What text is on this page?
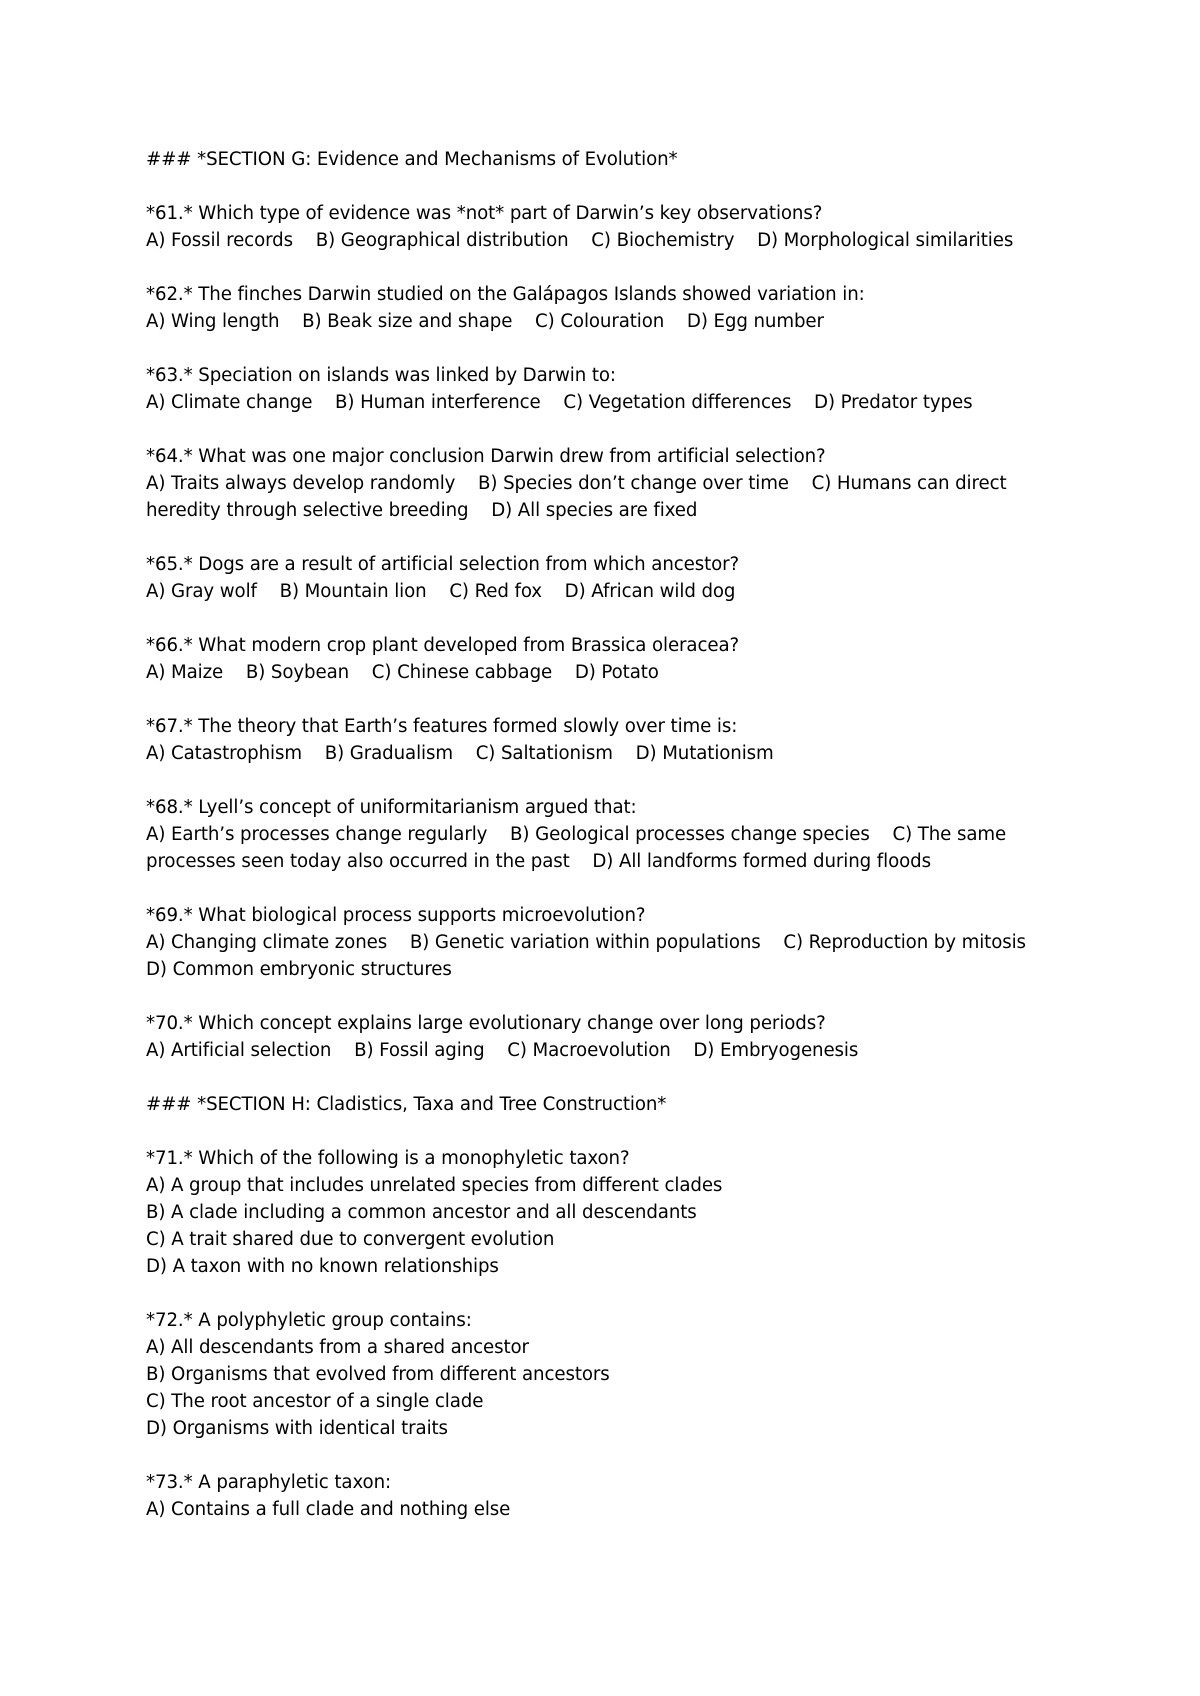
### *SECTION G: Evidence and Mechanisms of Evolution*
*61.* Which type of evidence was *not* part of Darwin’s key observations?
A) Fossil records    B) Geographical distribution    C) Biochemistry    D) Morphological similarities
*62.* The finches Darwin studied on the Galápagos Islands showed variation in:
A) Wing length    B) Beak size and shape    C) Colouration    D) Egg number
*63.* Speciation on islands was linked by Darwin to:
A) Climate change    B) Human interference    C) Vegetation differences    D) Predator types
*64.* What was one major conclusion Darwin drew from artificial selection?
A) Traits always develop randomly    B) Species don’t change over time    C) Humans can direct
heredity through selective breeding    D) All species are fixed
*65.* Dogs are a result of artificial selection from which ancestor?
A) Gray wolf    B) Mountain lion    C) Red fox    D) African wild dog
*66.* What modern crop plant developed from Brassica oleracea?
A) Maize    B) Soybean    C) Chinese cabbage    D) Potato
*67.* The theory that Earth’s features formed slowly over time is:
A) Catastrophism    B) Gradualism    C) Saltationism    D) Mutationism
*68.* Lyell’s concept of uniformitarianism argued that:
A) Earth’s processes change regularly    B) Geological processes change species    C) The same
processes seen today also occurred in the past    D) All landforms formed during floods
*69.* What biological process supports microevolution?
A) Changing climate zones    B) Genetic variation within populations    C) Reproduction by mitosis
D) Common embryonic structures
*70.* Which concept explains large evolutionary change over long periods?
A) Artificial selection    B) Fossil aging    C) Macroevolution    D) Embryogenesis
### *SECTION H: Cladistics, Taxa and Tree Construction*
*71.* Which of the following is a monophyletic taxon?
A) A group that includes unrelated species from different clades
B) A clade including a common ancestor and all descendants
C) A trait shared due to convergent evolution
D) A taxon with no known relationships
*72.* A polyphyletic group contains:
A) All descendants from a shared ancestor
B) Organisms that evolved from different ancestors
C) The root ancestor of a single clade
D) Organisms with identical traits
*73.* A paraphyletic taxon:
A) Contains a full clade and nothing else
